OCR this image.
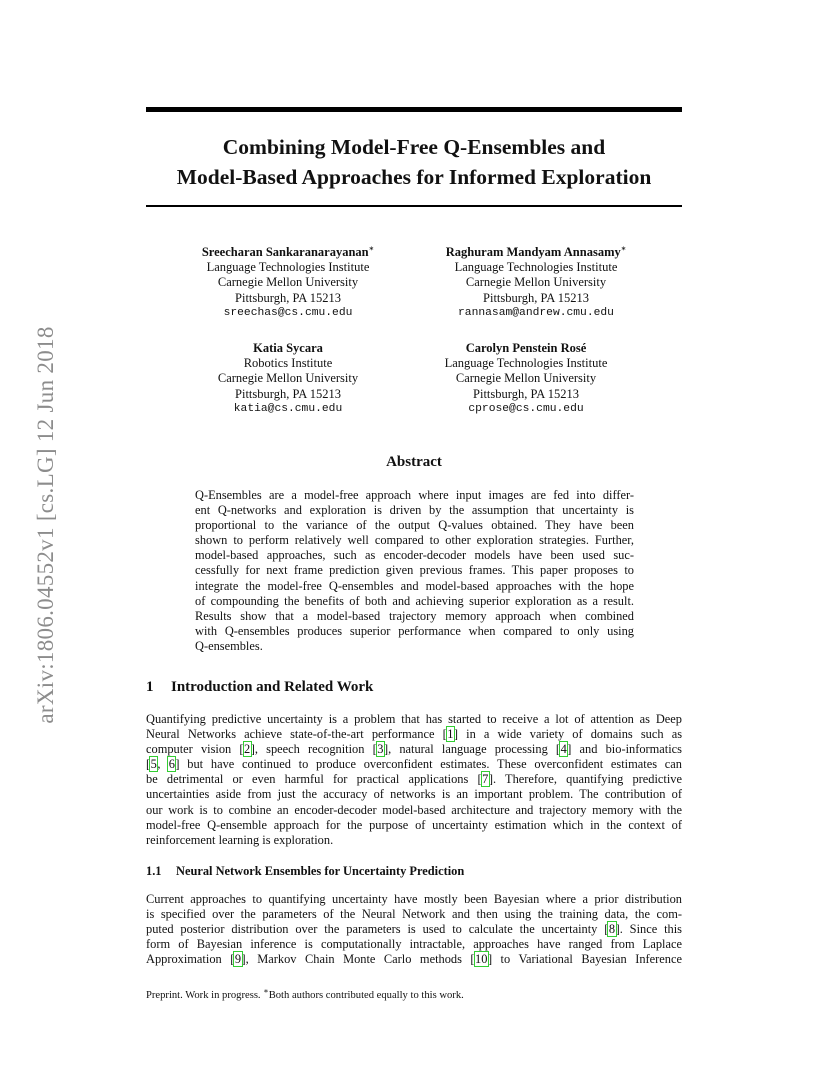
arXiv:1806.04552v1 [cs.LG] 12 Jun 2018
Combining Model-Free Q-Ensembles and
Model-Based Approaches for Informed Exploration
Sreecharan Sankaranarayanan∗
Language Technologies Institute
Carnegie Mellon University
Pittsburgh, PA 15213
sreechas@cs.cmu.edu
Raghuram Mandyam Annasamy∗
Language Technologies Institute
Carnegie Mellon University
Pittsburgh, PA 15213
rannasam@andrew.cmu.edu
Katia Sycara
Robotics Institute
Carnegie Mellon University
Pittsburgh, PA 15213
katia@cs.cmu.edu
Carolyn Penstein Rosé
Language Technologies Institute
Carnegie Mellon University
Pittsburgh, PA 15213
cprose@cs.cmu.edu
Abstract
Q-Ensembles are a model-free approach where input images are fed into differ-
ent Q-networks and exploration is driven by the assumption that uncertainty is
proportional to the variance of the output Q-values obtained. They have been
shown to perform relatively well compared to other exploration strategies. Further,
model-based approaches, such as encoder-decoder models have been used suc-
cessfully for next frame prediction given previous frames. This paper proposes to
integrate the model-free Q-ensembles and model-based approaches with the hope
of compounding the benefits of both and achieving superior exploration as a result.
Results show that a model-based trajectory memory approach when combined
with Q-ensembles produces superior performance when compared to only using
Q-ensembles.
1 Introduction and Related Work
Quantifying predictive uncertainty is a problem that has started to receive a lot of attention as Deep
Neural Networks achieve state-of-the-art performance [1] in a wide variety of domains such as
computer vision [2], speech recognition [3], natural language processing [4] and bio-informatics
[5, 6] but have continued to produce overconfident estimates. These overconfident estimates can
be detrimental or even harmful for practical applications [7]. Therefore, quantifying predictive
uncertainties aside from just the accuracy of networks is an important problem. The contribution of
our work is to combine an encoder-decoder model-based architecture and trajectory memory with the
model-free Q-ensemble approach for the purpose of uncertainty estimation which in the context of
reinforcement learning is exploration.
1.1 Neural Network Ensembles for Uncertainty Prediction
Current approaches to quantifying uncertainty have mostly been Bayesian where a prior distribution
is specified over the parameters of the Neural Network and then using the training data, the com-
puted posterior distribution over the parameters is used to calculate the uncertainty [8]. Since this
form of Bayesian inference is computationally intractable, approaches have ranged from Laplace
Approximation [9], Markov Chain Monte Carlo methods [10] to Variational Bayesian Inference
Preprint. Work in progress. ∗Both authors contributed equally to this work.
